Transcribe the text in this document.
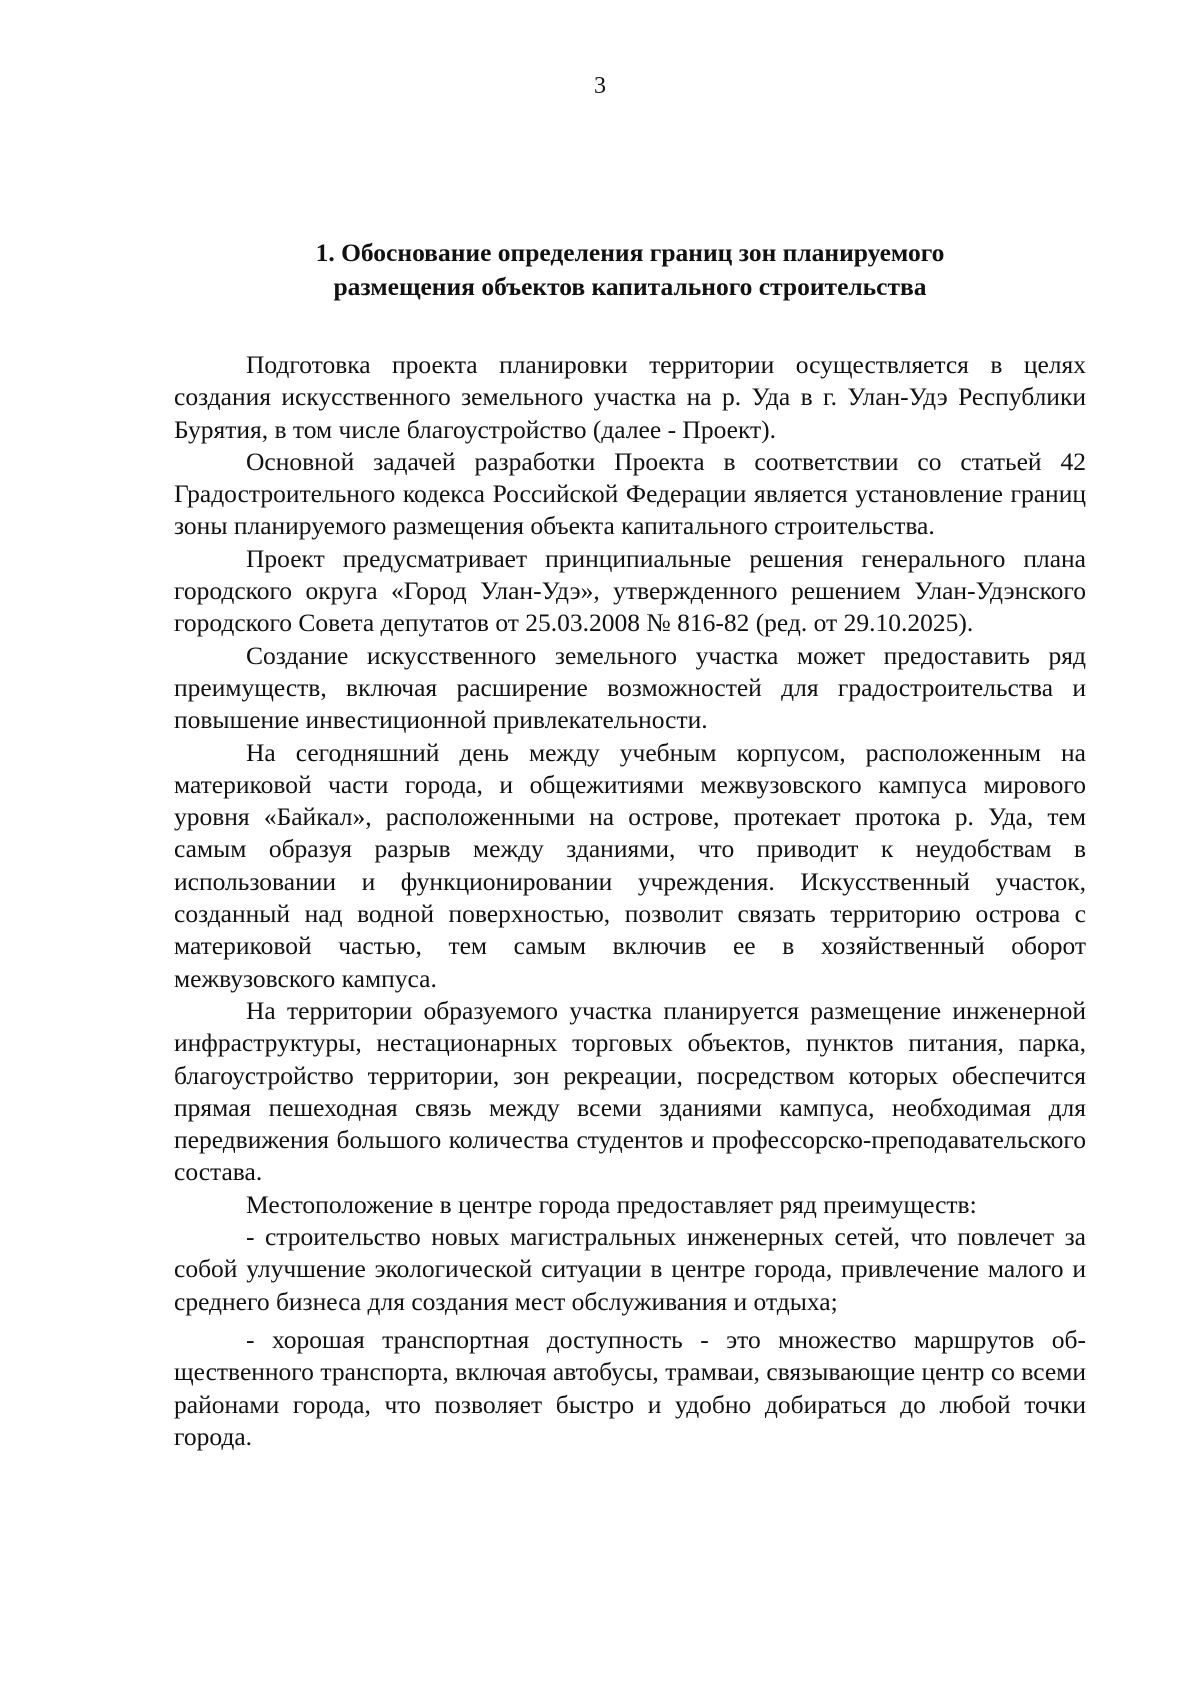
3
1. Обоснование определения границ зон планируемого
размещения объектов капитального строительства

Подготовка проекта планировки территории осуществляется в целях создания искусственного земельного участка на р. Уда в г. Улан-Удэ Республики Бурятия, в том числе благоустройство (далее - Проект).

Основной задачей разработки Проекта в соответствии со статьей 42 Градостроительного кодекса Российской Федерации является установление границ зоны планируемого размещения объекта капитального строительства.

Проект предусматривает принципиальные решения генерального плана городского округа «Город Улан-Удэ», утвержденного решением Улан-Удэнского городского Совета депутатов от 25.03.2008 № 816-82 (ред. от 29.10.2025).

Создание искусственного земельного участка может предоставить ряд преимуществ, включая расширение возможностей для градостроительства и повышение инвестиционной привлекательности.

На сегодняшний день между учебным корпусом, расположенным на материковой части города, и общежитиями межвузовского кампуса мирового уровня «Байкал», расположенными на острове, протекает протока р. Уда, тем самым образуя разрыв между зданиями, что приводит к неудобствам в использовании и функционировании учреждения. Искусственный участок, созданный над водной поверхностью, позволит связать территорию острова с материковой частью, тем самым включив ее в хозяйственный оборот межвузовского кампуса.

На территории образуемого участка планируется размещение инженерной инфраструктуры, нестационарных торговых объектов, пунктов питания, парка, благоустройство территории, зон рекреации, посредством которых обеспечится прямая пешеходная связь между всеми зданиями кампуса, необходимая для передвижения большого количества студентов и профессорско-преподавательского состава.

Местоположение в центре города предоставляет ряд преимуществ:

- строительство новых магистральных инженерных сетей, что повлечет за собой улучшение экологической ситуации в центре города, привлечение малого и среднего бизнеса для создания мест обслуживания и отдыха;

- хорошая транспортная доступность - это множество маршрутов общественного транспорта, включая автобусы, трамваи, связывающие центр со всеми районами города, что позволяет быстро и удобно добираться до любой точки города.
